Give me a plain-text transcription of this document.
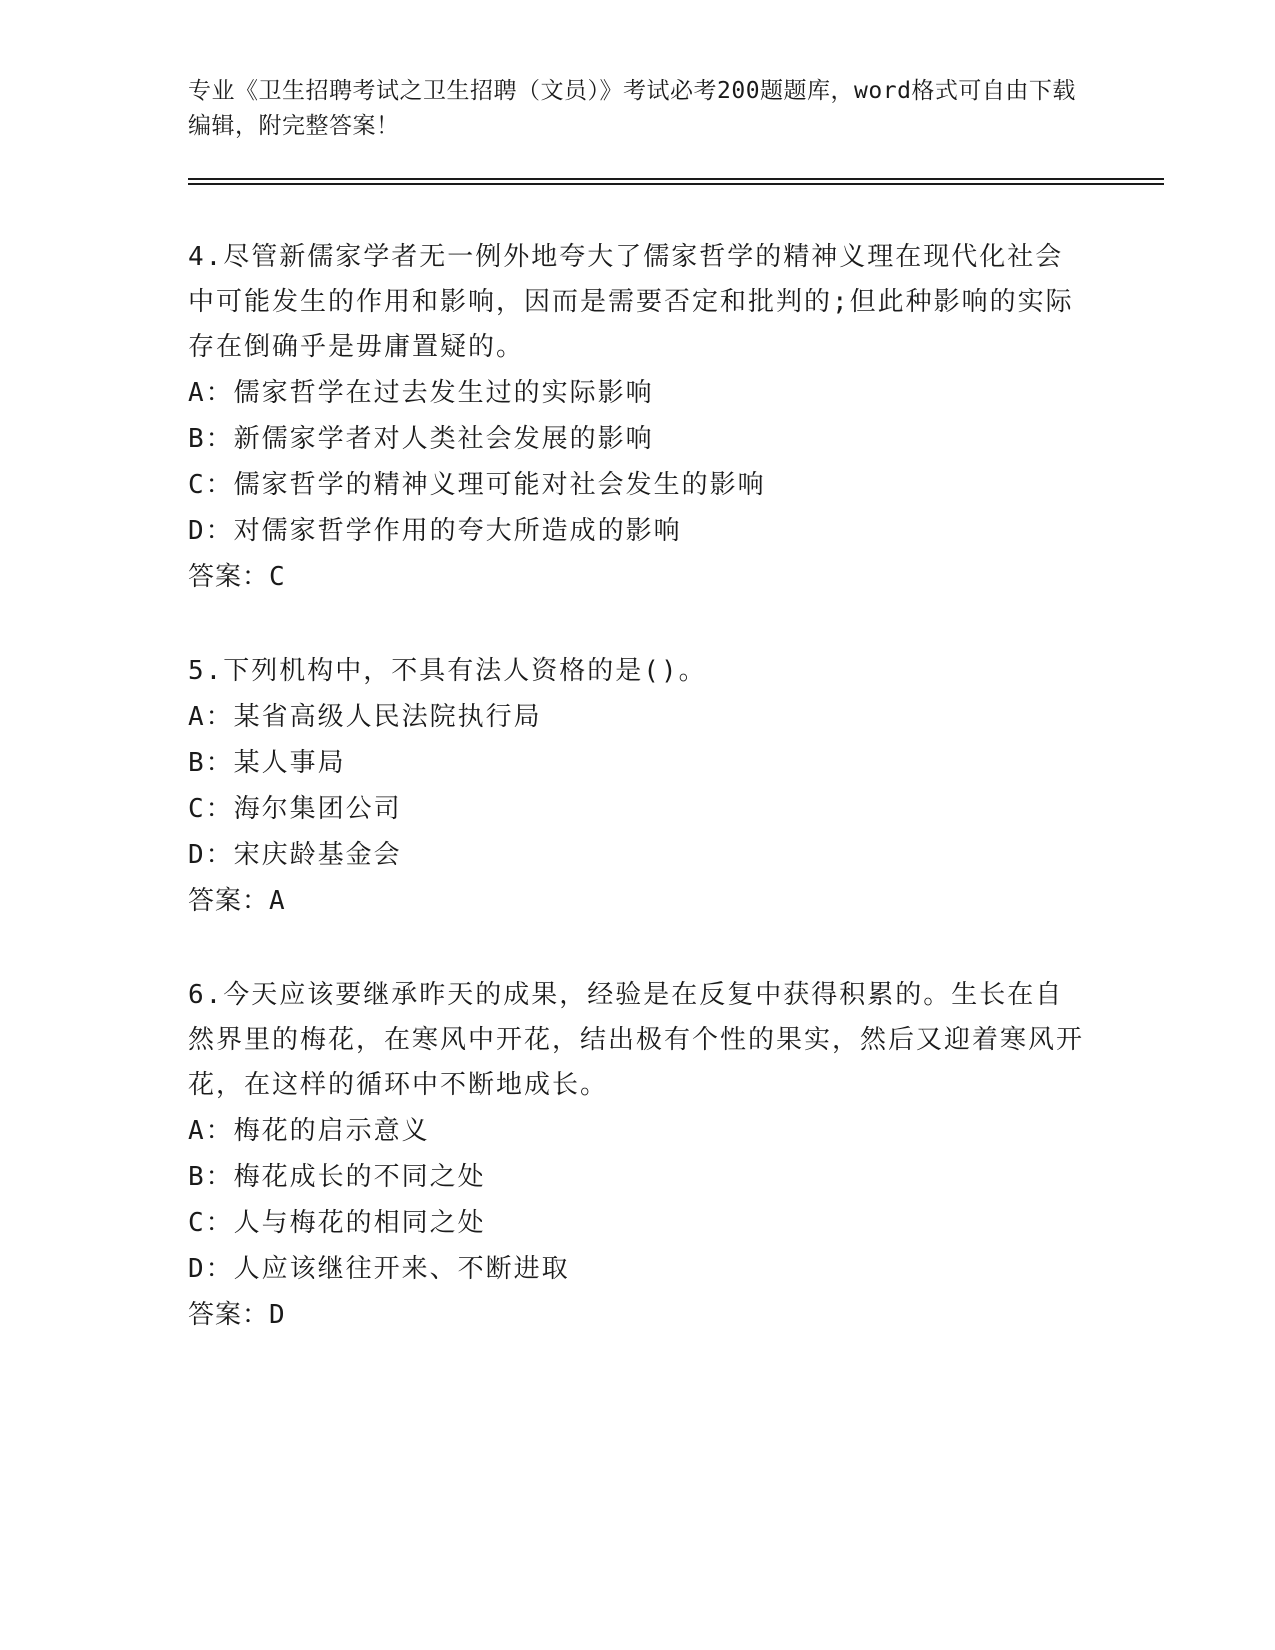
专业《卫生招聘考试之卫生招聘（文员）》考试必考200题题库，word格式可自由下载编辑，附完整答案！
4.尽管新儒家学者无一例外地夸大了儒家哲学的精神义理在现代化社会中可能发生的作用和影响，因而是需要否定和批判的;但此种影响的实际存在倒确乎是毋庸置疑的。
A：儒家哲学在过去发生过的实际影响
B：新儒家学者对人类社会发展的影响
C：儒家哲学的精神义理可能对社会发生的影响
D：对儒家哲学作用的夸大所造成的影响
答案：C
5.下列机构中，不具有法人资格的是()。
A：某省高级人民法院执行局
B：某人事局
C：海尔集团公司
D：宋庆龄基金会
答案：A
6.今天应该要继承昨天的成果，经验是在反复中获得积累的。生长在自然界里的梅花，在寒风中开花，结出极有个性的果实，然后又迎着寒风开花，在这样的循环中不断地成长。
A：梅花的启示意义
B：梅花成长的不同之处
C：人与梅花的相同之处
D：人应该继往开来、不断进取
答案：D
